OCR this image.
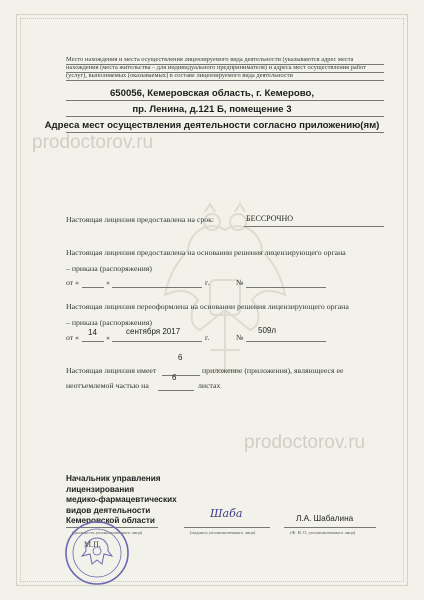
Место нахождения и места осуществления лицензируемого вида деятельности (указываются адрес места нахождения (места жительства – для индивидуального предпринимателя) и адреса мест осуществления работ (услуг), выполняемых (оказываемых) в составе лицензируемого вида деятельности
650056, Кемеровская область, г. Кемерово,
пр. Ленина, д.121 Б, помещение 3
Адреса мест осуществления деятельности согласно приложению(ям)
prodoctorov.ru
Настоящая лицензия предоставлена на срок:	БЕССРОЧНО
Настоящая лицензия предоставлена на основании решения лицензирующего органа
– приказа (распоряжения)
от «	»	г.	№
Настоящая лицензия переоформлена на основании решения лицензирующего органа
– приказа (распоряжения)
от «
14
»
сентября 2017
г.	№
509л
Настоящая лицензия имеет
6
приложение (приложения), являющееся ее
неотъемлемой частью на
6
листах
prodoctorov.ru
Начальник управления
лицензирования
медико-фармацевтических
видов деятельности
Кемеровской области
(должность уполномоченного лица)
Шаба
(подпись уполномоченного лица)
Л.А. Шабалина
(Ф. И. О. уполномоченного лица)
М.П.
